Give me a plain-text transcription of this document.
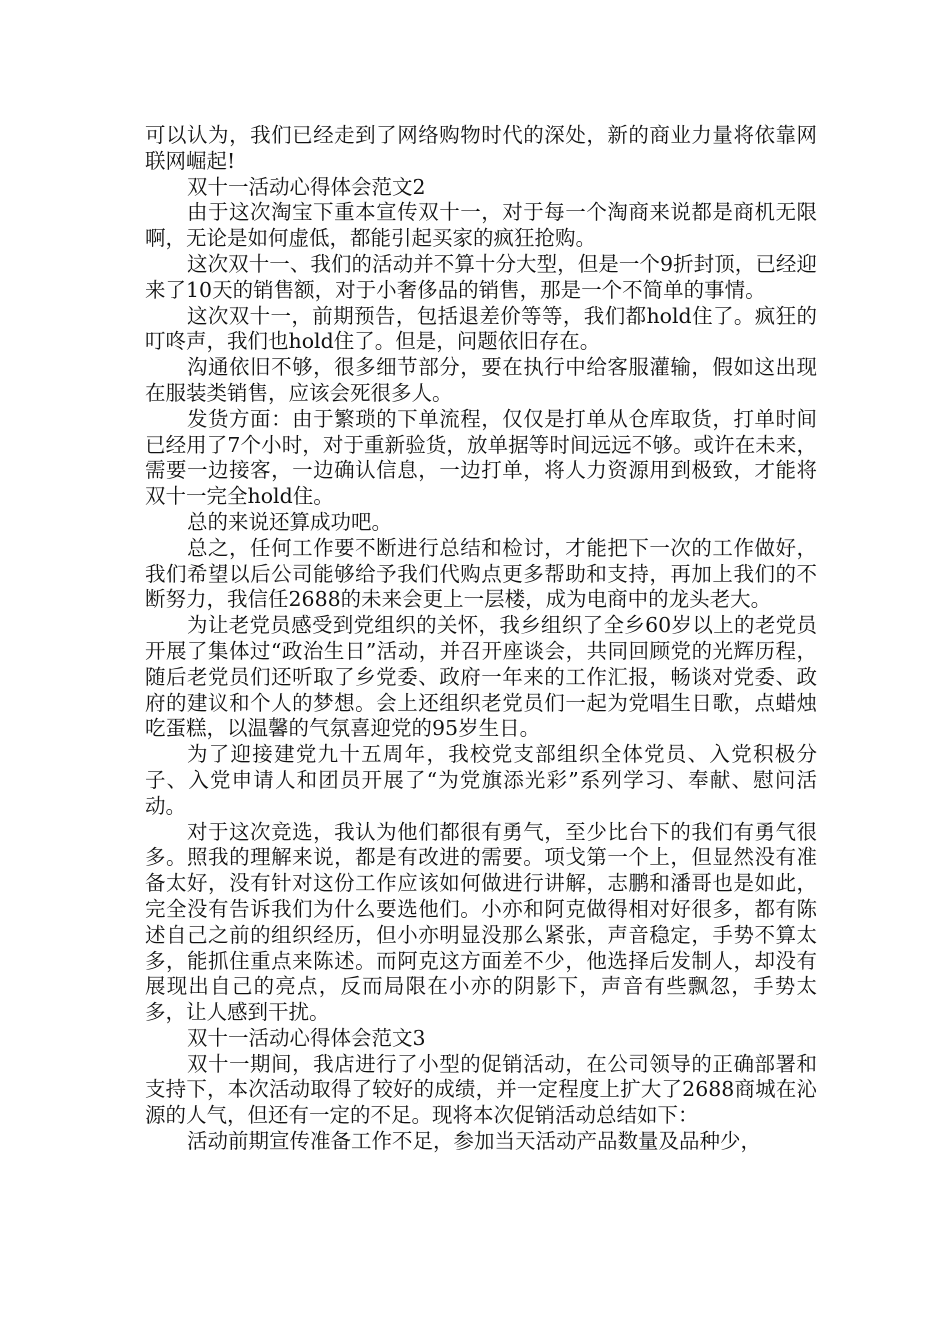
可以认为，我们已经走到了网络购物时代的深处，新的商业力量将依靠网联网崛起!

双十一活动心得体会范文2

由于这次淘宝下重本宣传双十一，对于每一个淘商来说都是商机无限啊，无论是如何虚低，都能引起买家的疯狂抢购。

这次双十一、我们的活动并不算十分大型，但是一个9折封顶，已经迎来了10天的销售额，对于小奢侈品的销售，那是一个不简单的事情。

这次双十一，前期预告，包括退差价等等，我们都hold住了。疯狂的叮咚声，我们也hold住了。但是，问题依旧存在。

沟通依旧不够，很多细节部分，要在执行中给客服灌输，假如这出现在服装类销售，应该会死很多人。

发货方面：由于繁琐的下单流程，仅仅是打单从仓库取货，打单时间已经用了7个小时，对于重新验货，放单据等时间远远不够。或许在未来，需要一边接客，一边确认信息，一边打单，将人力资源用到极致，才能将双十一完全hold住。

总的来说还算成功吧。

总之，任何工作要不断进行总结和检讨，才能把下一次的工作做好，我们希望以后公司能够给予我们代购点更多帮助和支持，再加上我们的不断努力，我信任2688的未来会更上一层楼，成为电商中的龙头老大。

为让老党员感受到党组织的关怀，我乡组织了全乡60岁以上的老党员开展了集体过“政治生日”活动，并召开座谈会，共同回顾党的光辉历程，随后老党员们还听取了乡党委、政府一年来的工作汇报，畅谈对党委、政府的建议和个人的梦想。会上还组织老党员们一起为党唱生日歌，点蜡烛吃蛋糕，以温馨的气氛喜迎党的95岁生日。

为了迎接建党九十五周年，我校党支部组织全体党员、入党积极分子、入党申请人和团员开展了“为党旗添光彩”系列学习、奉献、慰问活动。

对于这次竞选，我认为他们都很有勇气，至少比台下的我们有勇气很多。照我的理解来说，都是有改进的需要。项戈第一个上，但显然没有准备太好，没有针对这份工作应该如何做进行讲解，志鹏和潘哥也是如此，完全没有告诉我们为什么要选他们。小亦和阿克做得相对好很多，都有陈述自己之前的组织经历，但小亦明显没那么紧张，声音稳定，手势不算太多，能抓住重点来陈述。而阿克这方面差不少，他选择后发制人，却没有展现出自己的亮点，反而局限在小亦的阴影下，声音有些飘忽，手势太多，让人感到干扰。

双十一活动心得体会范文3

双十一期间，我店进行了小型的促销活动，在公司领导的正确部署和支持下，本次活动取得了较好的成绩，并一定程度上扩大了2688商城在沁源的人气，但还有一定的不足。现将本次促销活动总结如下：

活动前期宣传准备工作不足，参加当天活动产品数量及品种少，
